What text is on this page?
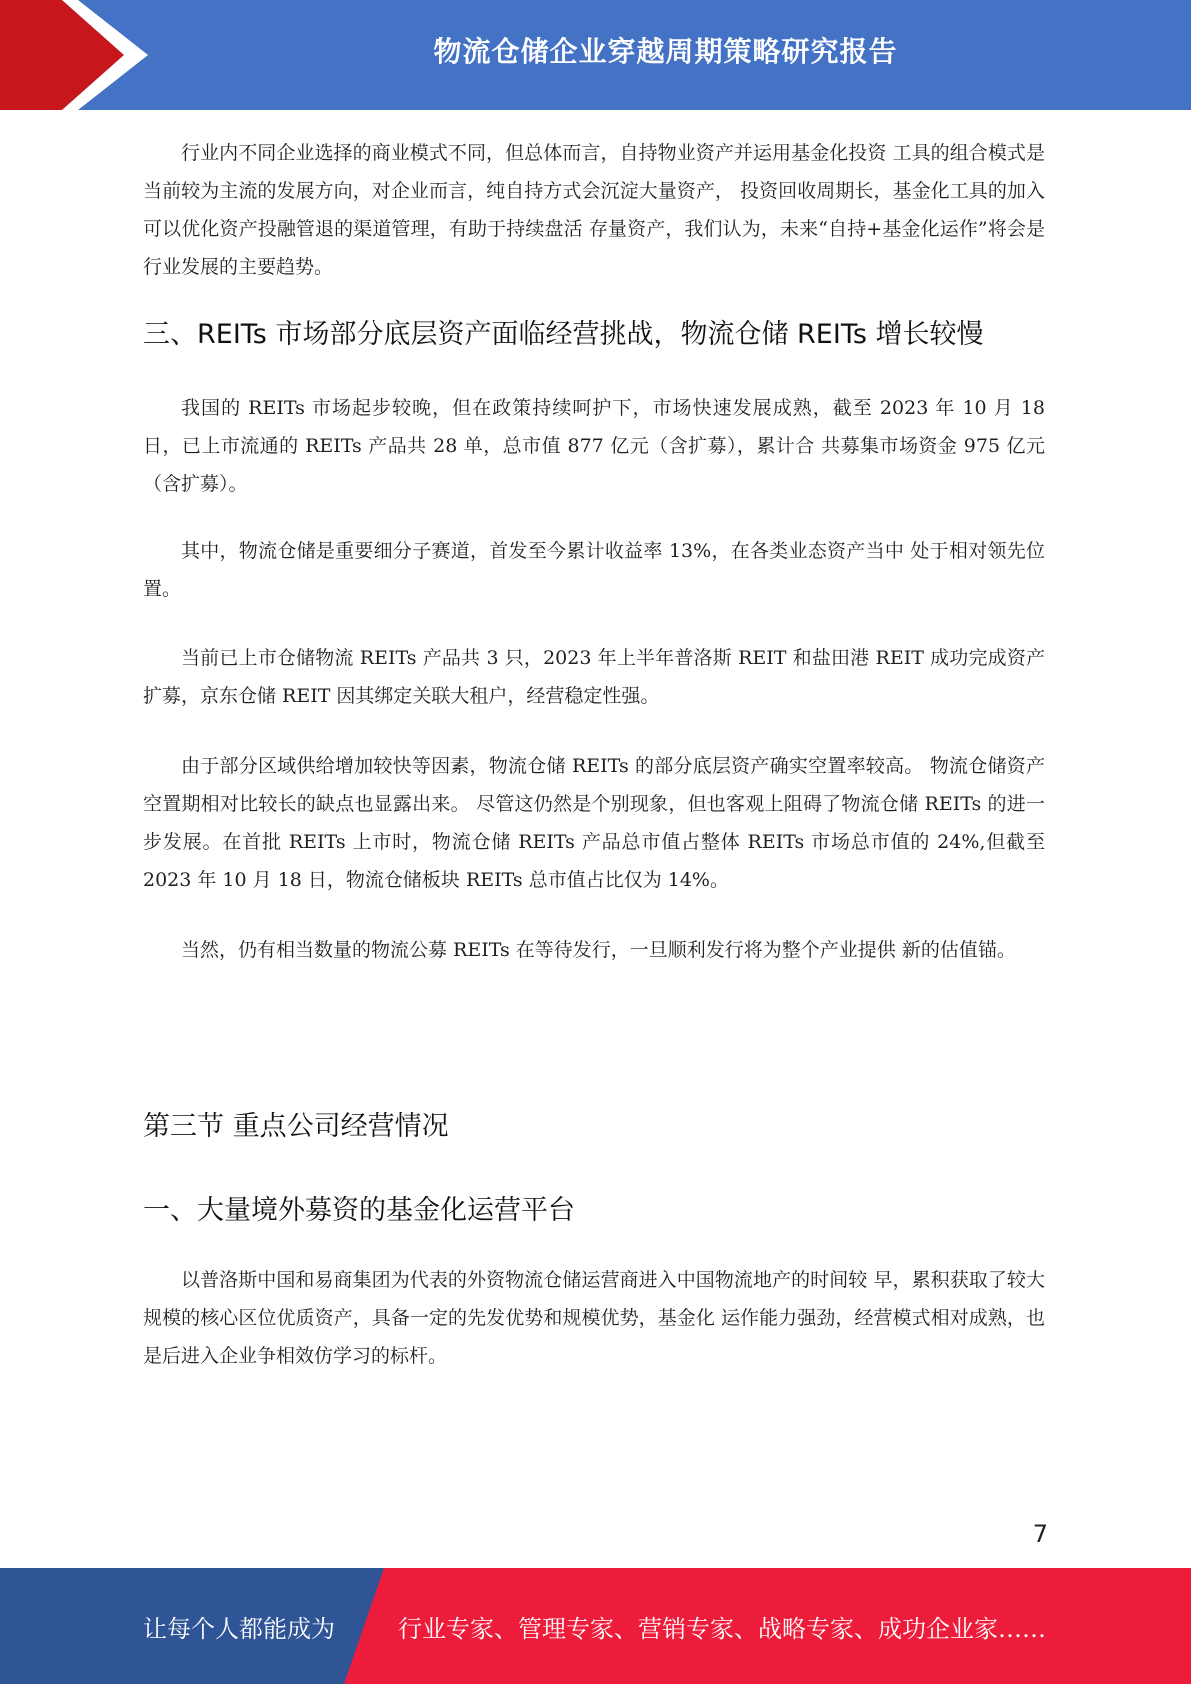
物流仓储企业穿越周期策略研究报告

行业内不同企业选择的商业模式不同，但总体而言，自持物业资产并运用基金化投资 工具的组合模式是当前较为主流的发展方向，对企业而言，纯自持方式会沉淀大量资产， 投资回收周期长，基金化工具的加入可以优化资产投融管退的渠道管理，有助于持续盘活 存量资产，我们认为，未来“自持+基金化运作”将会是行业发展的主要趋势。

三、REITs 市场部分底层资产面临经营挑战，物流仓储 REITs 增长较慢

我国的 REITs 市场起步较晚，但在政策持续呵护下，市场快速发展成熟，截至 2023 年 10 月 18 日，已上市流通的 REITs 产品共 28 单，总市值 877 亿元（含扩募），累计合 共募集市场资金 975 亿元（含扩募）。

其中，物流仓储是重要细分子赛道，首发至今累计收益率 13%，在各类业态资产当中 处于相对领先位置。

当前已上市仓储物流 REITs 产品共 3 只，2023 年上半年普洛斯 REIT 和盐田港 REIT 成功完成资产扩募，京东仓储 REIT 因其绑定关联大租户，经营稳定性强。

由于部分区域供给增加较快等因素，物流仓储 REITs 的部分底层资产确实空置率较高。 物流仓储资产空置期相对比较长的缺点也显露出来。 尽管这仍然是个别现象，但也客观上阻碍了物流仓储 REITs 的进一步发展。在首批 REITs 上市时，物流仓储 REITs 产品总市值占整体 REITs 市场总市值的 24%,但截至 2023 年 10 月 18 日，物流仓储板块 REITs 总市值占比仅为 14%。

当然，仍有相当数量的物流公募 REITs 在等待发行，一旦顺利发行将为整个产业提供 新的估值锚。

第三节 重点公司经营情况
一、大量境外募资的基金化运营平台

以普洛斯中国和易商集团为代表的外资物流仓储运营商进入中国物流地产的时间较 早，累积获取了较大规模的核心区位优质资产，具备一定的先发优势和规模优势，基金化 运作能力强劲，经营模式相对成熟，也是后进入企业争相效仿学习的标杆。

7
让每个人都能成为	行业专家、管理专家、营销专家、战略专家、成功企业家……
